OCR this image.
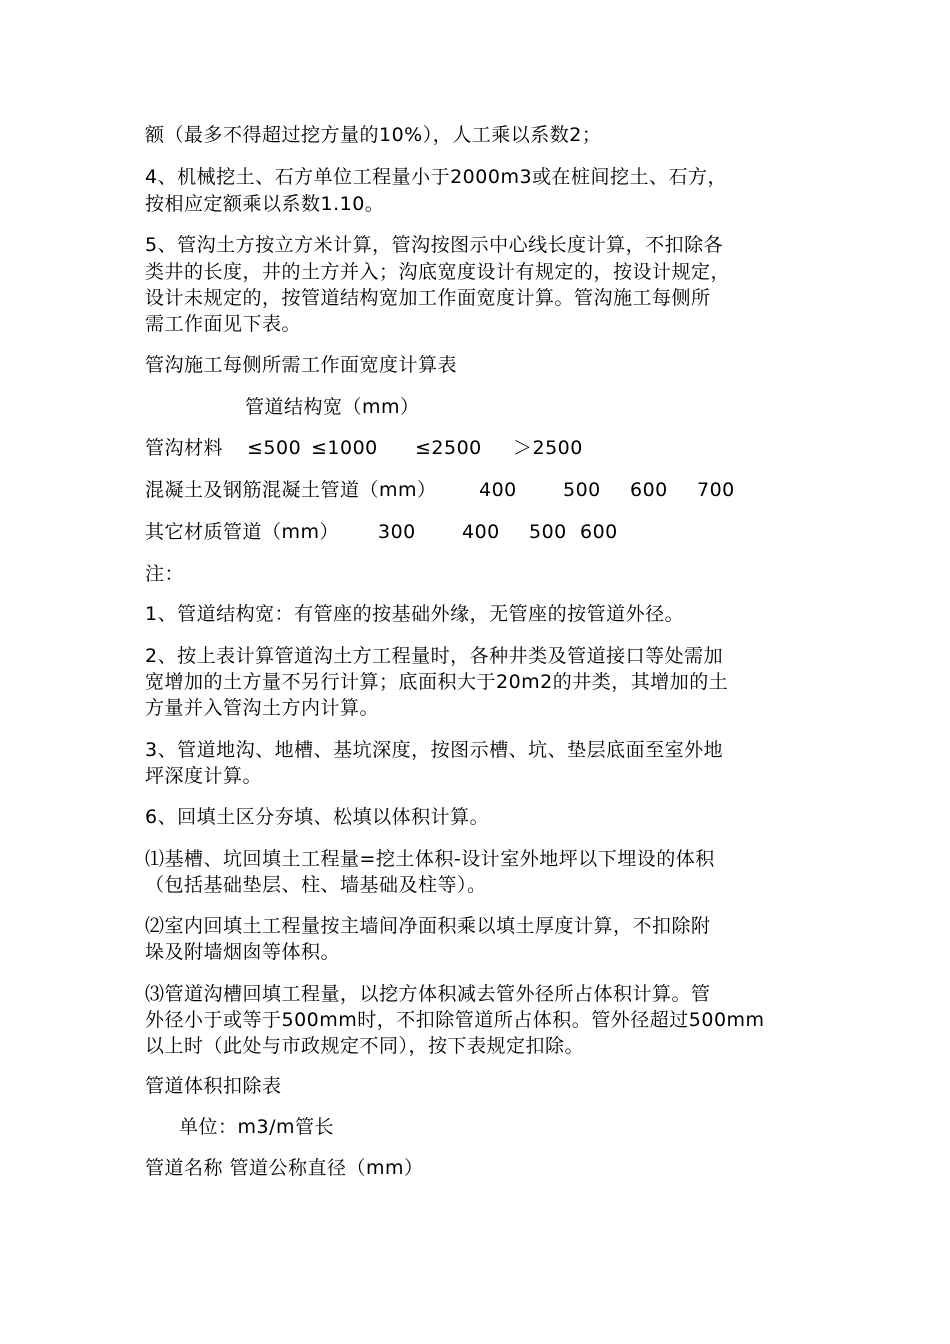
额（最多不得超过挖方量的10%），人工乘以系数2；
4、机械挖土、石方单位工程量小于2000m3或在桩间挖土、石方，
按相应定额乘以系数1.10。
5、管沟土方按立方米计算，管沟按图示中心线长度计算，不扣除各
类井的长度，井的土方并入；沟底宽度设计有规定的，按设计规定，
设计未规定的，按管道结构宽加工作面宽度计算。管沟施工每侧所
需工作面见下表。
管沟施工每侧所需工作面宽度计算表
管道结构宽（mm）
管沟材料 ≤500 ≤1000 ≤2500 ＞2500
混凝土及钢筋混凝土管道（mm） 400 500 600 700
其它材质管道（mm） 300 400 500 600
注：
1、管道结构宽：有管座的按基础外缘，无管座的按管道外径。
2、按上表计算管道沟土方工程量时，各种井类及管道接口等处需加
宽增加的土方量不另行计算；底面积大于20m2的井类，其增加的土
方量并入管沟土方内计算。
3、管道地沟、地槽、基坑深度，按图示槽、坑、垫层底面至室外地
坪深度计算。
6、回填土区分夯填、松填以体积计算。
⑴基槽、坑回填土工程量=挖土体积-设计室外地坪以下埋设的体积
（包括基础垫层、柱、墙基础及柱等）。
⑵室内回填土工程量按主墙间净面积乘以填土厚度计算，不扣除附
垛及附墙烟囱等体积。
⑶管道沟槽回填工程量，以挖方体积减去管外径所占体积计算。管
外径小于或等于500mm时，不扣除管道所占体积。管外径超过500mm
以上时（此处与市政规定不同），按下表规定扣除。
管道体积扣除表
单位：m3/m管长
管道名称 管道公称直径（mm）
